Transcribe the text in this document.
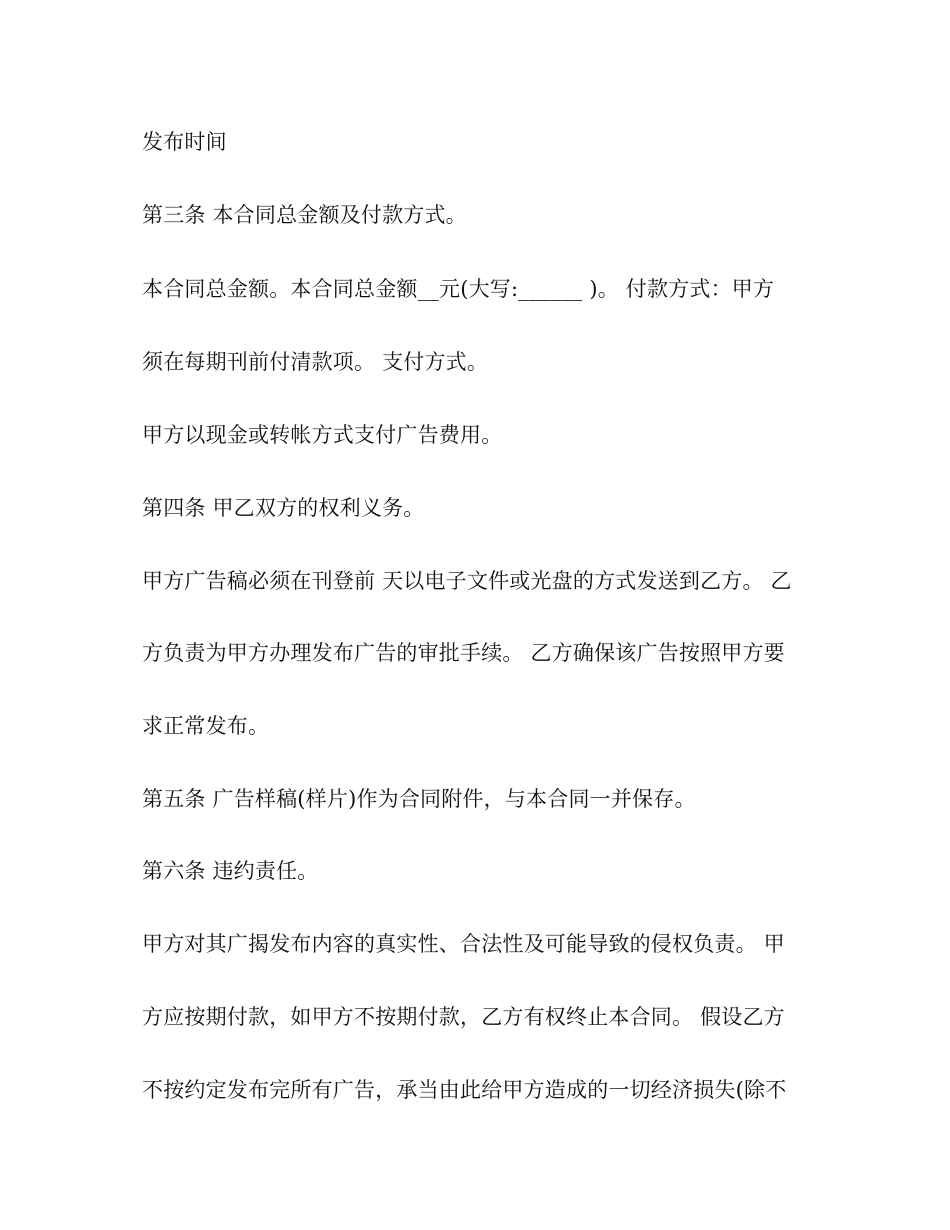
发布时间
第三条 本合同总金额及付款方式。
本合同总金额。本合同总金额__元(大写:______ )。 付款方式：甲方
须在每期刊前付清款项。 支付方式。
甲方以现金或转帐方式支付广告费用。
第四条 甲乙双方的权利义务。
甲方广告稿必须在刊登前 天以电子文件或光盘的方式发送到乙方。 乙
方负责为甲方办理发布广告的审批手续。 乙方确保该广告按照甲方要
求正常发布。
第五条 广告样稿(样片)作为合同附件，与本合同一并保存。
第六条 违约责任。
甲方对其广揭发布内容的真实性、合法性及可能导致的侵权负责。 甲
方应按期付款，如甲方不按期付款，乙方有权终止本合同。 假设乙方
不按约定发布完所有广告，承当由此给甲方造成的一切经济损失(除不
